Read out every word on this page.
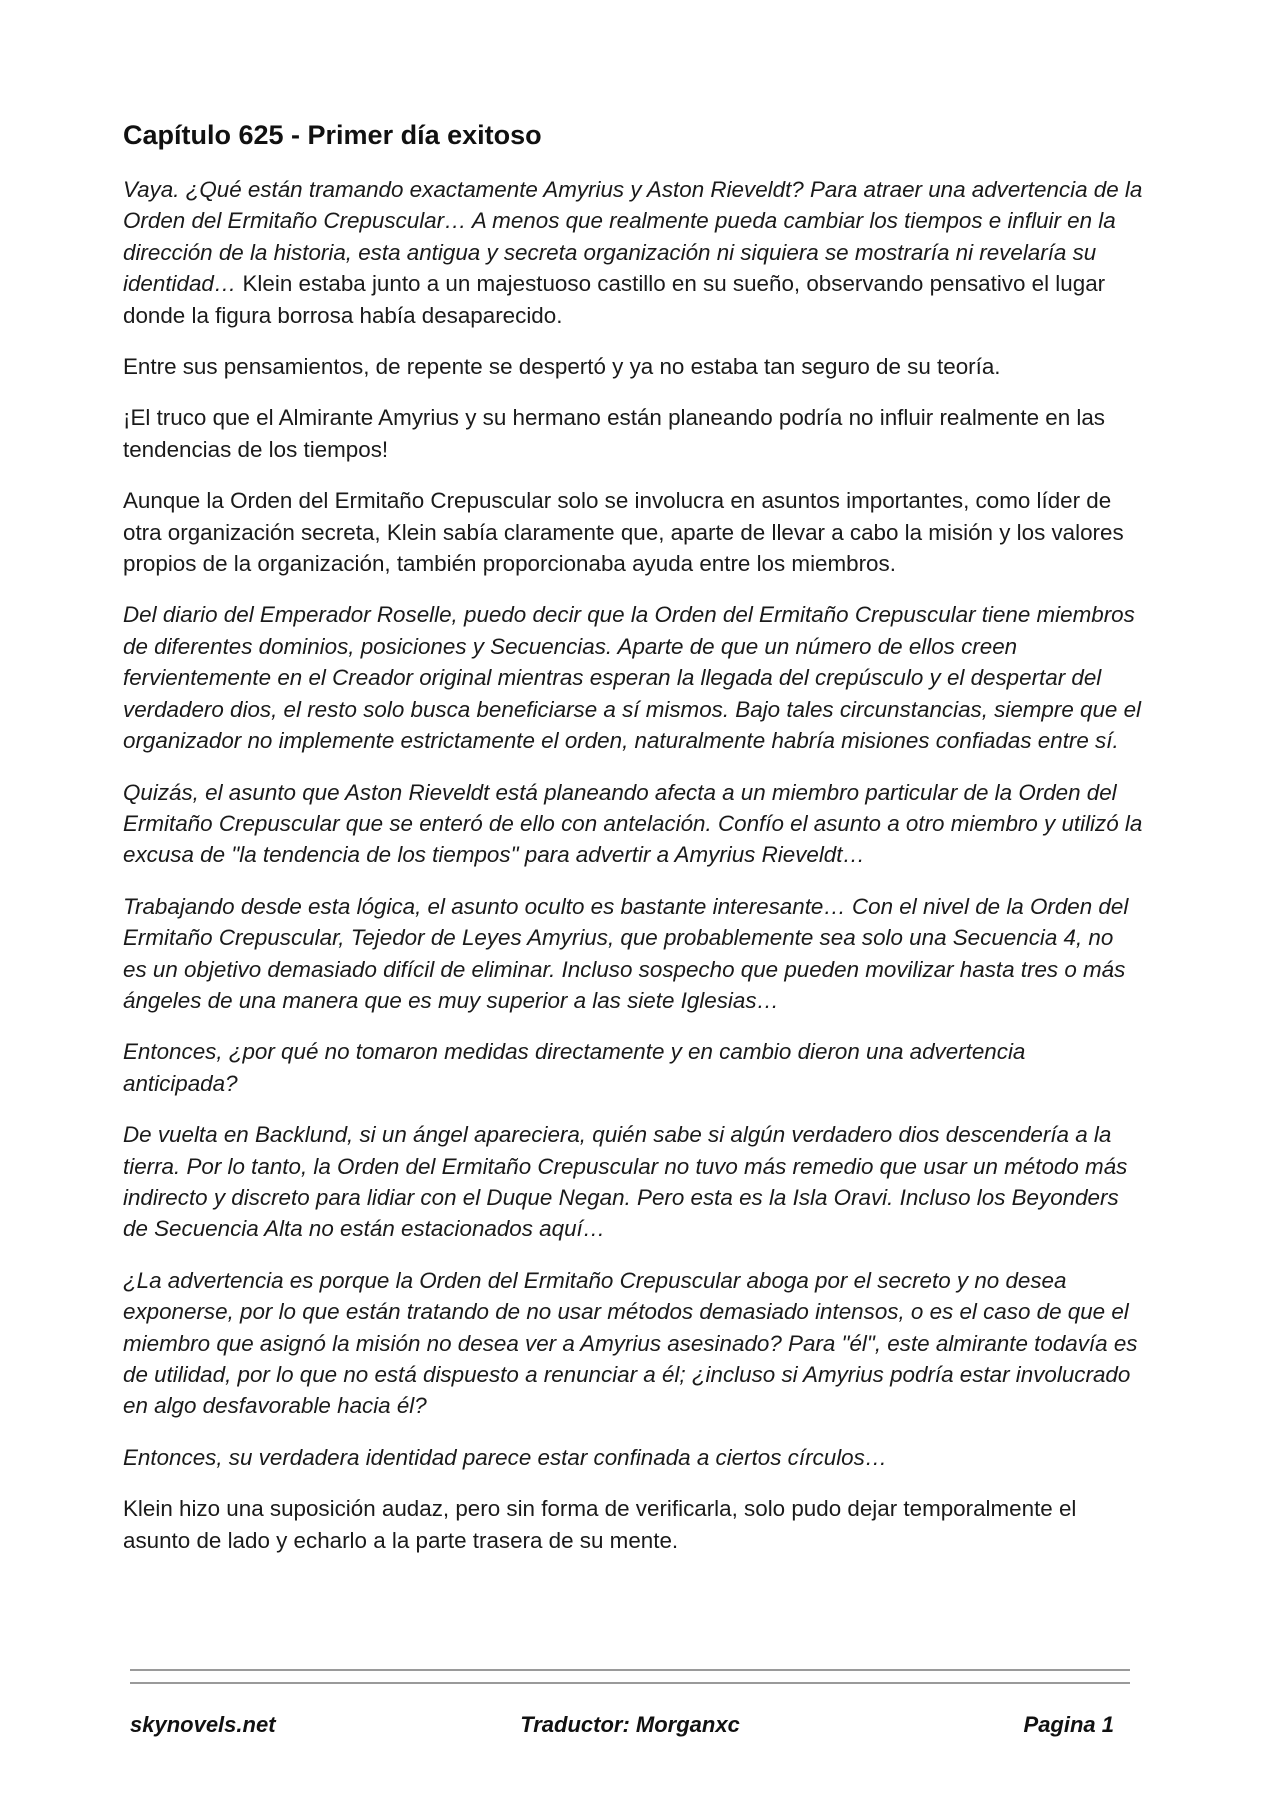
Capítulo 625 - Primer día exitoso

Vaya. ¿Qué están tramando exactamente Amyrius y Aston Rieveldt? Para atraer una advertencia de la Orden del Ermitaño Crepuscular… A menos que realmente pueda cambiar los tiempos e influir en la dirección de la historia, esta antigua y secreta organización ni siquiera se mostraría ni revelaría su identidad… Klein estaba junto a un majestuoso castillo en su sueño, observando pensativo el lugar donde la figura borrosa había desaparecido.

Entre sus pensamientos, de repente se despertó y ya no estaba tan seguro de su teoría.

¡El truco que el Almirante Amyrius y su hermano están planeando podría no influir realmente en las tendencias de los tiempos!

Aunque la Orden del Ermitaño Crepuscular solo se involucra en asuntos importantes, como líder de otra organización secreta, Klein sabía claramente que, aparte de llevar a cabo la misión y los valores propios de la organización, también proporcionaba ayuda entre los miembros.

Del diario del Emperador Roselle, puedo decir que la Orden del Ermitaño Crepuscular tiene miembros de diferentes dominios, posiciones y Secuencias. Aparte de que un número de ellos creen fervientemente en el Creador original mientras esperan la llegada del crepúsculo y el despertar del verdadero dios, el resto solo busca beneficiarse a sí mismos. Bajo tales circunstancias, siempre que el organizador no implemente estrictamente el orden, naturalmente habría misiones confiadas entre sí.

Quizás, el asunto que Aston Rieveldt está planeando afecta a un miembro particular de la Orden del Ermitaño Crepuscular que se enteró de ello con antelación. Confío el asunto a otro miembro y utilizó la excusa de "la tendencia de los tiempos" para advertir a Amyrius Rieveldt…

Trabajando desde esta lógica, el asunto oculto es bastante interesante… Con el nivel de la Orden del Ermitaño Crepuscular, Tejedor de Leyes Amyrius, que probablemente sea solo una Secuencia 4, no es un objetivo demasiado difícil de eliminar. Incluso sospecho que pueden movilizar hasta tres o más ángeles de una manera que es muy superior a las siete Iglesias…

Entonces, ¿por qué no tomaron medidas directamente y en cambio dieron una advertencia anticipada?

De vuelta en Backlund, si un ángel apareciera, quién sabe si algún verdadero dios descendería a la tierra. Por lo tanto, la Orden del Ermitaño Crepuscular no tuvo más remedio que usar un método más indirecto y discreto para lidiar con el Duque Negan. Pero esta es la Isla Oravi. Incluso los Beyonders de Secuencia Alta no están estacionados aquí…

¿La advertencia es porque la Orden del Ermitaño Crepuscular aboga por el secreto y no desea exponerse, por lo que están tratando de no usar métodos demasiado intensos, o es el caso de que el miembro que asignó la misión no desea ver a Amyrius asesinado? Para "él", este almirante todavía es de utilidad, por lo que no está dispuesto a renunciar a él; ¿incluso si Amyrius podría estar involucrado en algo desfavorable hacia él?

Entonces, su verdadera identidad parece estar confinada a ciertos círculos…

Klein hizo una suposición audaz, pero sin forma de verificarla, solo pudo dejar temporalmente el asunto de lado y echarlo a la parte trasera de su mente.

skynovels.net	Traductor: Morganxc	Pagina 1
